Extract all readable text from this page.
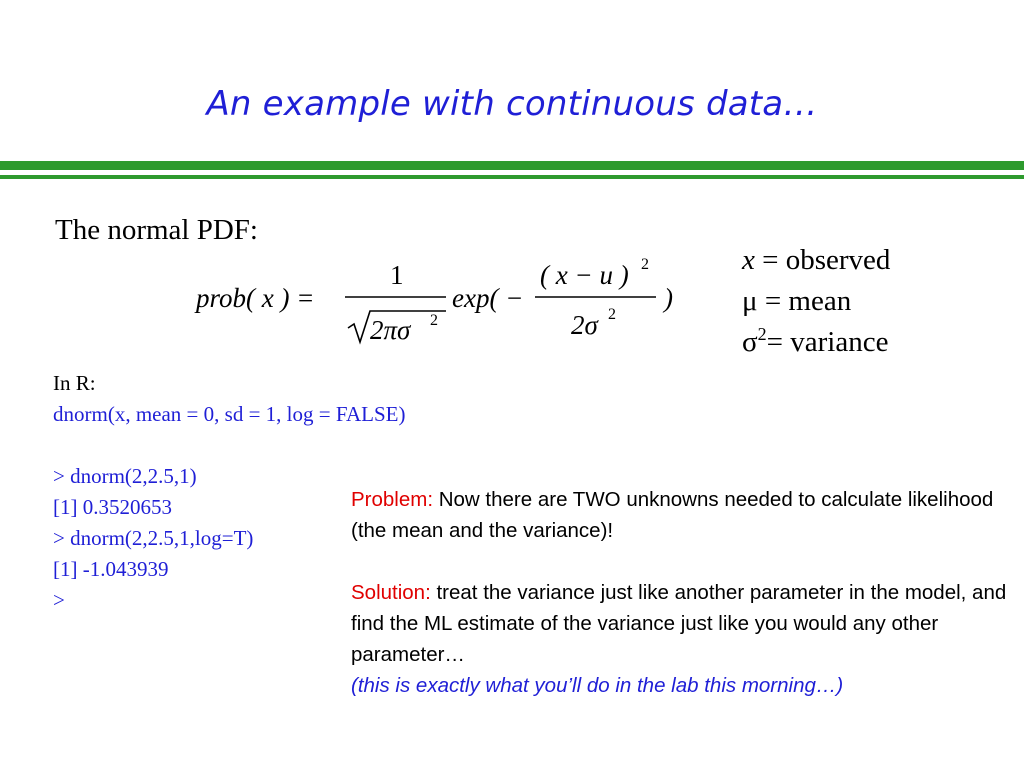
An example with continuous data…
The normal PDF:
prob( x ) =
1
2πσ 2
exp( −
( x − u ) 2
2σ 2
)
x = observed
μ = mean
$\sigma^2=$ variance
In R:
dnorm(x, mean = 0, sd = 1, log = FALSE)
> dnorm(2,2.5,1)
[1] 0.3520653
> dnorm(2,2.5,1,log=T)
[1] -1.043939
>

Problem: Now there are TWO unknowns needed to calculate likelihood (the mean and the variance)!

Solution: treat the variance just like another parameter in the model, and find the ML estimate of the variance just like you would any other parameter…

(this is exactly what you’ll do in the lab this morning…)
